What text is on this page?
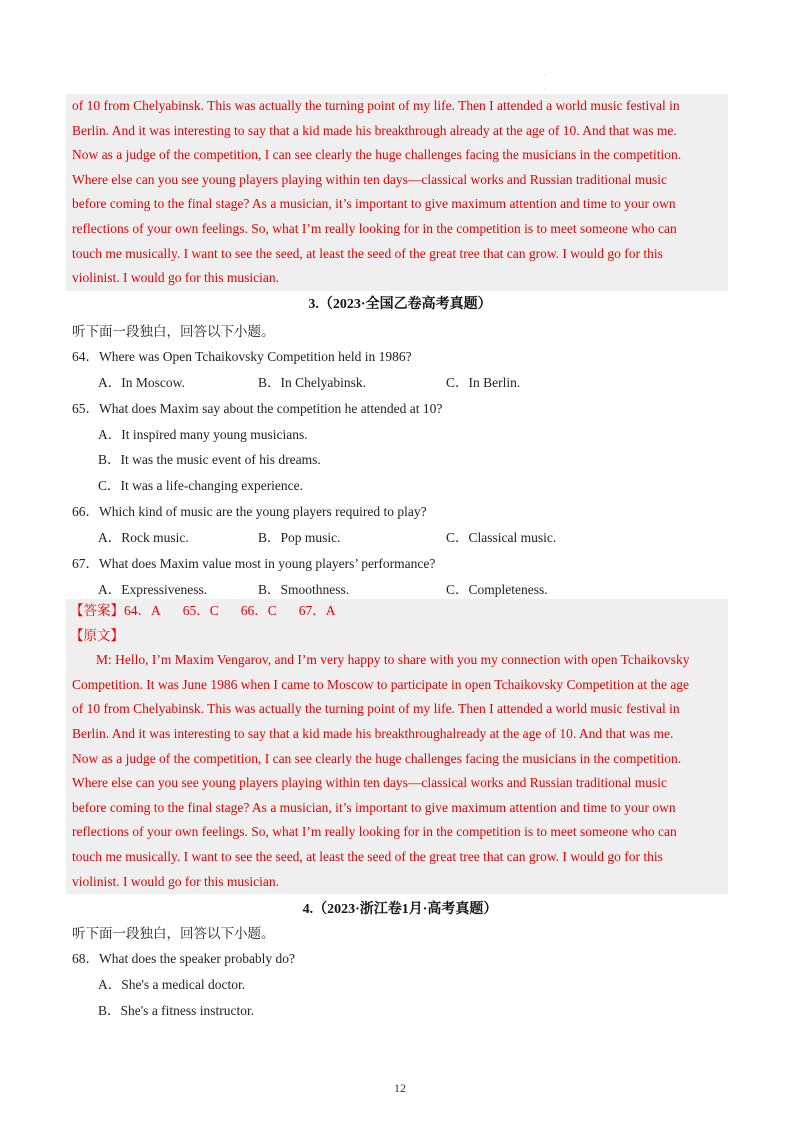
·
·
of 10 from Chelyabinsk. This was actually the turning point of my life. Then I attended a world music festival in
Berlin. And it was interesting to say that a kid made his breakthrough already at the age of 10. And that was me.
Now as a judge of the competition, I can see clearly the huge challenges facing the musicians in the competition.
Where else can you see young players playing within ten days—classical works and Russian traditional music
before coming to the final stage? As a musician, it’s important to give maximum attention and time to your own
reflections of your own feelings. So, what I’m really looking for in the competition is to meet someone who can
touch me musically. I want to see the seed, at least the seed of the great tree that can grow. I would go for this
violinist. I would go for this musician.
3.（2023·全国乙卷高考真题）
听下面一段独白，回答以下小题。
64．Where was Open Tchaikovsky Competition held in 1986?
A．In Moscow.	B．In Chelyabinsk.	C．In Berlin.
65．What does Maxim say about the competition he attended at 10?
A．It inspired many young musicians.
B．It was the music event of his dreams.
C．It was a life-changing experience.
66．Which kind of music are the young players required to play?
A．Rock music.	B．Pop music.	C．Classical music.
67．What does Maxim value most in young players’ performance?
A．Expressiveness.	B．Smoothness.	C．Completeness.
【答案】64．A 65．C 66．C 67．A
【原文】
M: Hello, I’m Maxim Vengarov, and I’m very happy to share with you my connection with open Tchaikovsky
Competition. It was June 1986 when I came to Moscow to participate in open Tchaikovsky Competition at the age
of 10 from Chelyabinsk. This was actually the turning point of my life. Then I attended a world music festival in
Berlin. And it was interesting to say that a kid made his breakthroughalready at the age of 10. And that was me.
Now as a judge of the competition, I can see clearly the huge challenges facing the musicians in the competition.
Where else can you see young players playing within ten days—classical works and Russian traditional music
before coming to the final stage? As a musician, it’s important to give maximum attention and time to your own
reflections of your own feelings. So, what I’m really looking for in the competition is to meet someone who can
touch me musically. I want to see the seed, at least the seed of the great tree that can grow. I would go for this
violinist. I would go for this musician.
4.（2023·浙江卷1月·高考真题）
听下面一段独白，回答以下小题。
68．What does the speaker probably do?
A．She's a medical doctor.
B．She's a fitness instructor.
12
